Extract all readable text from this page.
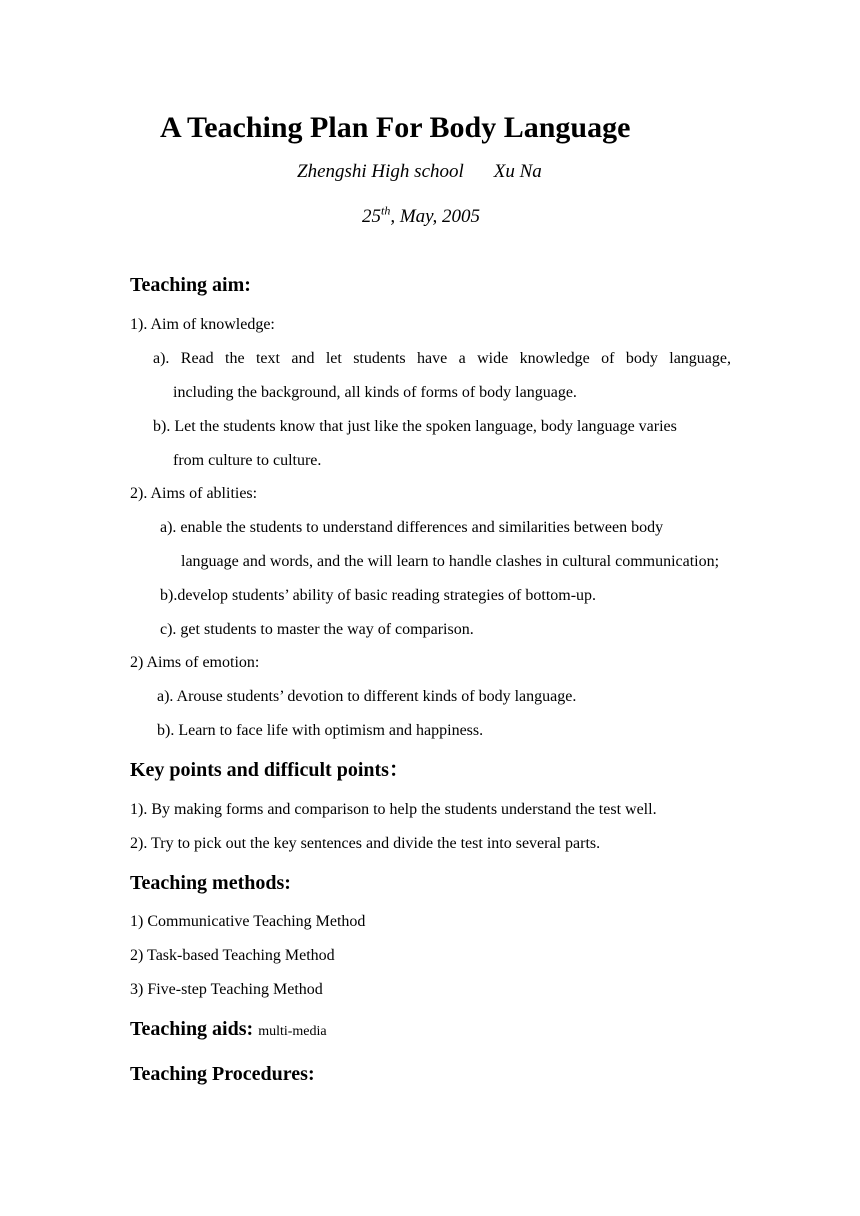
A Teaching Plan For Body Language
Zhengshi High school Xu Na
25th, May, 2005
Teaching aim:
1). Aim of knowledge:
a). Read the text and let students have a wide knowledge of body language,
including the background, all kinds of forms of body language.
b). Let the students know that just like the spoken language, body language varies
from culture to culture.
2). Aims of ablities:
a). enable the students to understand differences and similarities between body
language and words, and the will learn to handle clashes in cultural communication;
b).develop students’ ability of basic reading strategies of bottom-up.
c). get students to master the way of comparison.
2) Aims of emotion:
a). Arouse students’ devotion to different kinds of body language.
b). Learn to face life with optimism and happiness.
Key points and difficult points：
1). By making forms and comparison to help the students understand the test well.
2). Try to pick out the key sentences and divide the test into several parts.
Teaching methods:
1) Communicative Teaching Method
2) Task-based Teaching Method
3) Five-step Teaching Method
Teaching aids: multi-media
Teaching Procedures:
